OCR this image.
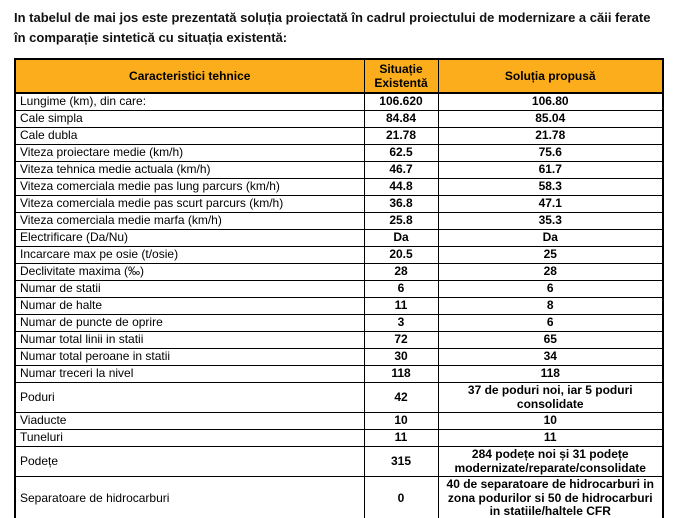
In tabelul de mai jos este prezentată soluția proiectată în cadrul proiectului de modernizare a căii ferate în comparație sintetică cu situația existentă:

Caracteristici tehnice	Situație Existentă	Soluția propusă
Lungime (km), din care:	106.620	106.80
Cale simpla	84.84	85.04
Cale dubla	21.78	21.78
Viteza proiectare medie (km/h)	62.5	75.6
Viteza tehnica medie actuala (km/h)	46.7	61.7
Viteza comerciala medie pas lung parcurs (km/h)	44.8	58.3
Viteza comerciala medie pas scurt parcurs (km/h)	36.8	47.1
Viteza comerciala medie marfa (km/h)	25.8	35.3
Electrificare (Da/Nu)	Da	Da
Incarcare max pe osie (t/osie)	20.5	25
Declivitate maxima (‰)	28	28
Numar de statii	6	6
Numar de halte	11	8
Numar de puncte de oprire	3	6
Numar total linii in statii	72	65
Numar total peroane in statii	30	34
Numar treceri la nivel	118	118
Poduri	42	37 de poduri noi, iar 5 poduri consolidate
Viaducte	10	10
Tuneluri	11	11
Podețe	315	284 podețe noi și 31 podețe modernizate/reparate/consolidate
Separatoare de hidrocarburi	0	40 de separatoare de hidrocarburi in zona podurilor si 50 de hidrocarburi in statiile/haltele CFR
